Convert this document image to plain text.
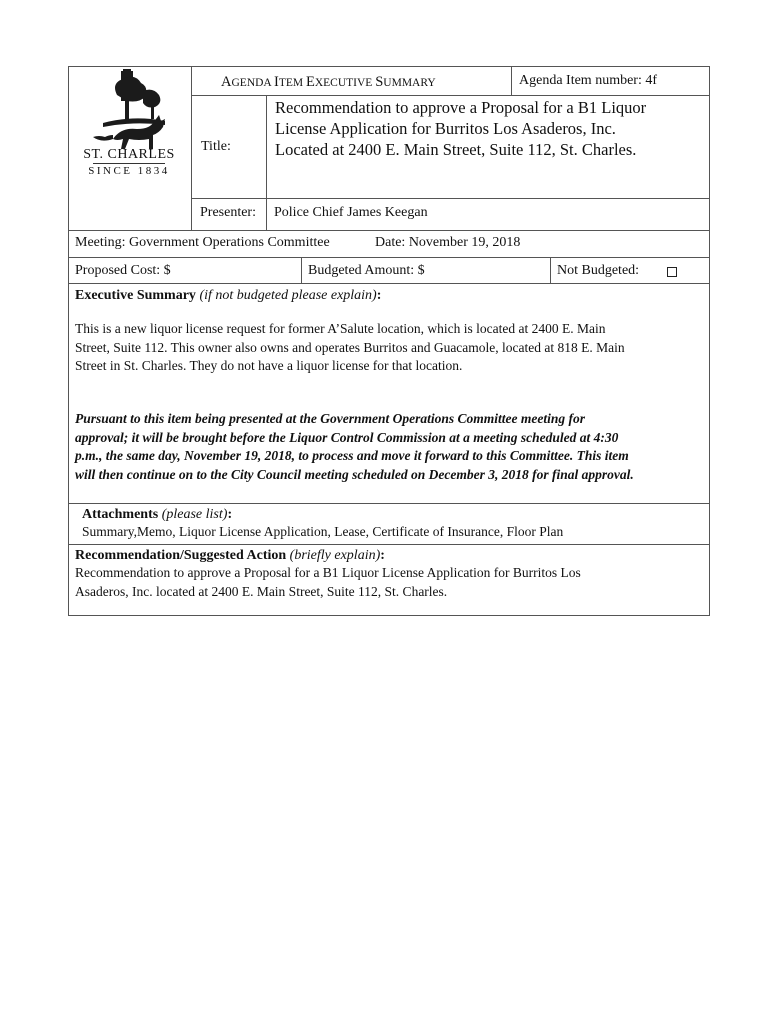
ST. CHARLES
SINCE 1834
AGENDA ITEM EXECUTIVE SUMMARY	Agenda Item number: 4f
Title:
Recommendation to approve a Proposal for a B1 Liquor
License Application for Burritos Los Asaderos, Inc.
Located at 2400 E. Main Street, Suite 112, St. Charles.
Presenter: Police Chief James Keegan
Meeting: Government Operations Committee	Date: November 19, 2018
Proposed Cost: $	Budgeted Amount: $	Not Budgeted:
Executive Summary (if not budgeted please explain):
This is a new liquor license request for former A’Salute location, which is located at 2400 E. Main
Street, Suite 112. This owner also owns and operates Burritos and Guacamole, located at 818 E. Main
Street in St. Charles. They do not have a liquor license for that location.
Pursuant to this item being presented at the Government Operations Committee meeting for
approval; it will be brought before the Liquor Control Commission at a meeting scheduled at 4:30
p.m., the same day, November 19, 2018, to process and move it forward to this Committee. This item
will then continue on to the City Council meeting scheduled on December 3, 2018 for final approval.
Attachments (please list):
Summary,Memo, Liquor License Application, Lease, Certificate of Insurance, Floor Plan
Recommendation/Suggested Action (briefly explain):
Recommendation to approve a Proposal for a B1 Liquor License Application for Burritos Los
Asaderos, Inc. located at 2400 E. Main Street, Suite 112, St. Charles.
